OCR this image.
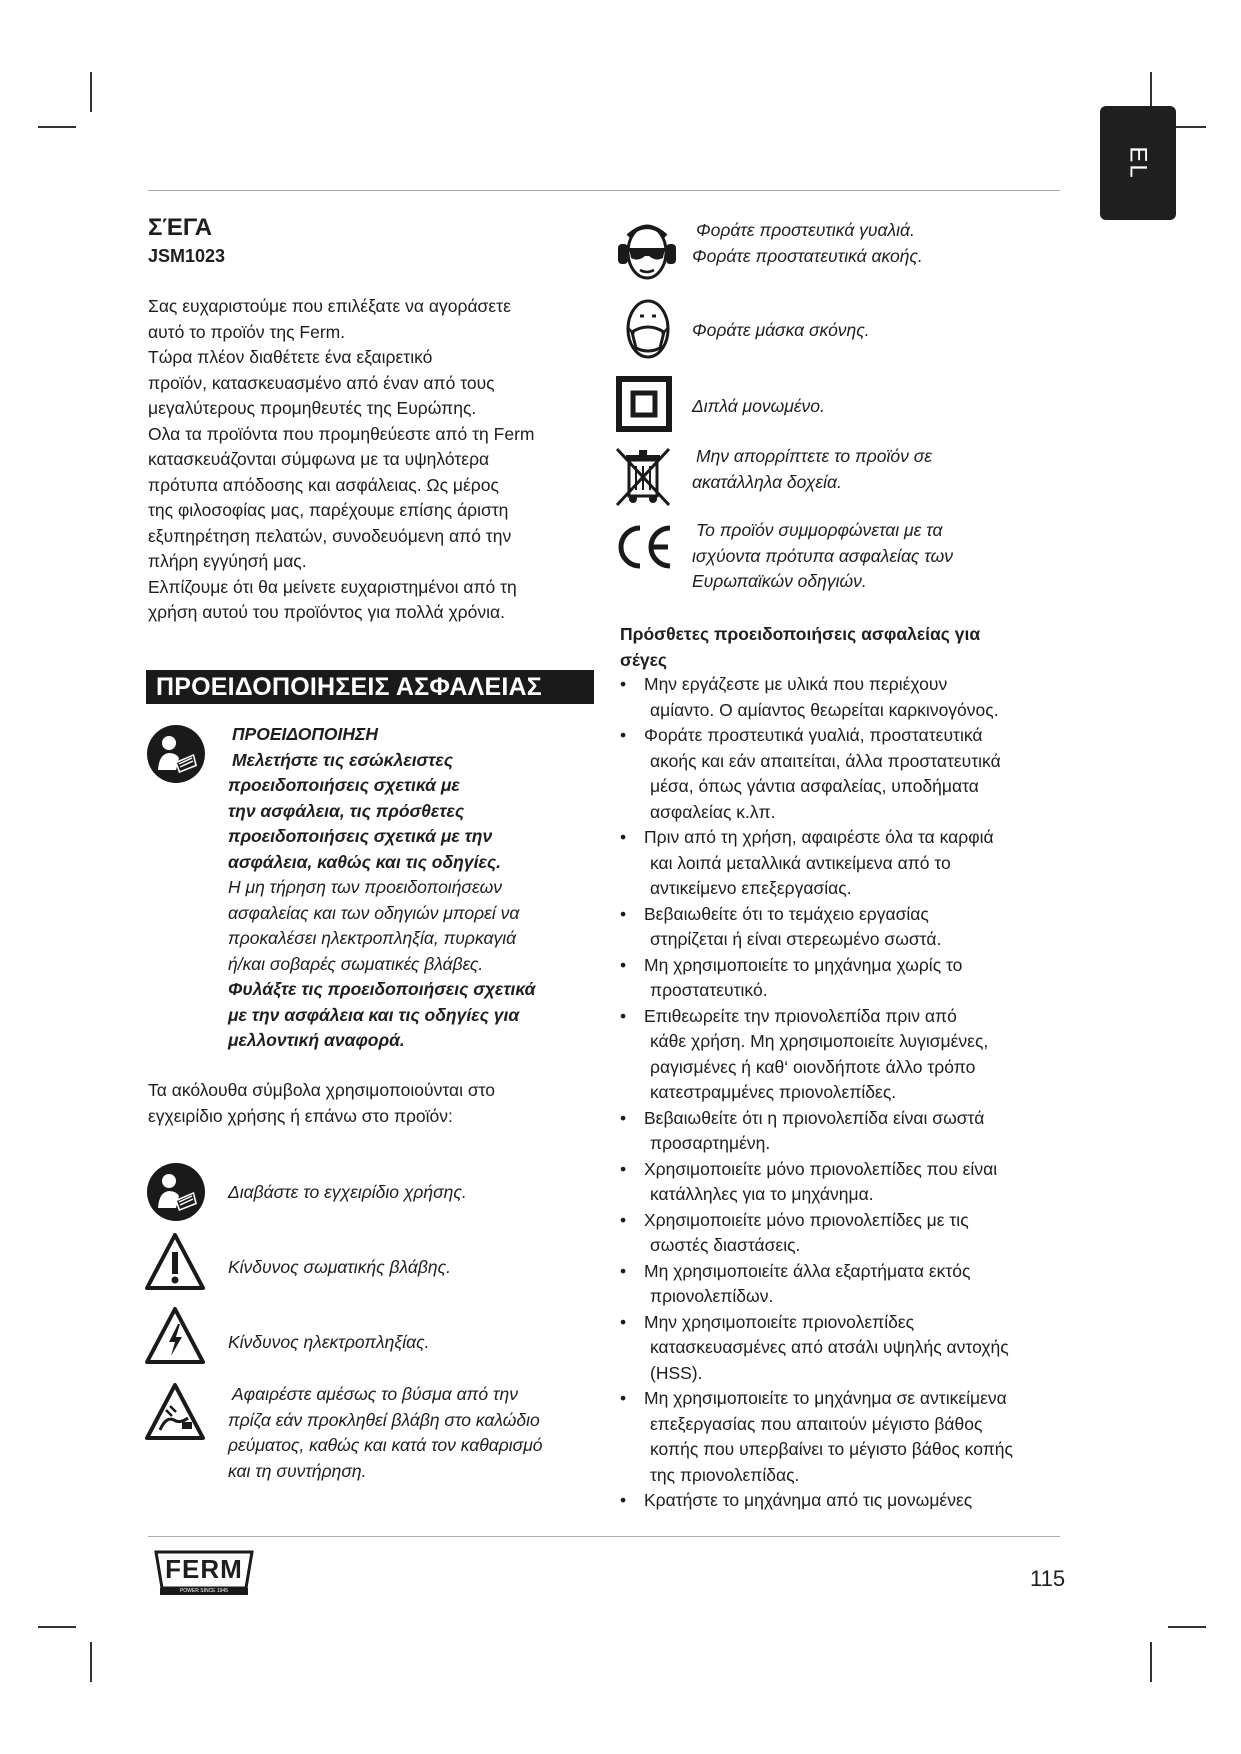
EL
ΣΈΓΑ
JSM1023
Σας ευχαριστούμε που επιλέξατε να αγοράσετε
αυτό το προϊόν της Ferm.
Τώρα πλέον διαθέτετε ένα εξαιρετικό
προϊόν, κατασκευασμένο από έναν από τους
μεγαλύτερους προμηθευτές της Ευρώπης.
Ολα τα προϊόντα που προμηθεύεστε από τη Ferm
κατασκευάζονται σύμφωνα με τα υψηλότερα
πρότυπα απόδοσης και ασφάλειας. Ως μέρος
της φιλοσοφίας μας, παρέχουμε επίσης άριστη
εξυπηρέτηση πελατών, συνοδευόμενη από την
πλήρη εγγύησή μας.
Ελπίζουμε ότι θα μείνετε ευχαριστημένοι από τη
χρήση αυτού του προϊόντος για πολλά χρόνια.
ΠΡΟΕΙΔΟΠΟΙΗΣΕΙΣ ΑΣΦΑΛΕΙΑΣ
ΠΡΟΕΙΔΟΠΟΙΗΣΗ
Μελετήστε τις εσώκλειστες
προειδοποιήσεις σχετικά με
την ασφάλεια, τις πρόσθετες
προειδοποιήσεις σχετικά με την
ασφάλεια, καθώς και τις οδηγίες.
Η μη τήρηση των προειδοποιήσεων
ασφαλείας και των οδηγιών μπορεί να
προκαλέσει ηλεκτροπληξία, πυρκαγιά
ή/και σοβαρές σωματικές βλάβες.
Φυλάξτε τις προειδοποιήσεις σχετικά
με την ασφάλεια και τις οδηγίες για
μελλοντική αναφορά.
Τα ακόλουθα σύμβολα χρησιμοποιούνται στο
εγχειρίδιο χρήσης ή επάνω στο προϊόν:
Διαβάστε το εγχειρίδιο χρήσης.
Κίνδυνος σωματικής βλάβης.
Κίνδυνος ηλεκτροπληξίας.
Αφαιρέστε αμέσως το βύσμα από την
πρίζα εάν προκληθεί βλάβη στο καλώδιο
ρεύματος, καθώς και κατά τον καθαρισμό
και τη συντήρηση.
Φοράτε προστευτικά γυαλιά.
Φοράτε προστατευτικά ακοής.
Φοράτε μάσκα σκόνης.
Διπλά μονωμένο.
Μην απορρίπτετε το προϊόν σε
ακατάλληλα δοχεία.
Το προϊόν συμμορφώνεται με τα
ισχύοντα πρότυπα ασφαλείας των
Ευρωπαϊκών οδηγιών.
Πρόσθετες προειδοποιήσεις ασφαλείας για
σέγες
• Μην εργάζεστε με υλικά που περιέχουν
αμίαντο. Ο αμίαντος θεωρείται καρκινογόνος.
• Φοράτε προστευτικά γυαλιά, προστατευτικά
ακοής και εάν απαιτείται, άλλα προστατευτικά
μέσα, όπως γάντια ασφαλείας, υποδήματα
ασφαλείας κ.λπ.
• Πριν από τη χρήση, αφαιρέστε όλα τα καρφιά
και λοιπά μεταλλικά αντικείμενα από το
αντικείμενο επεξεργασίας.
• Βεβαιωθείτε ότι το τεμάχειο εργασίας
στηρίζεται ή είναι στερεωμένο σωστά.
• Μη χρησιμοποιείτε το μηχάνημα χωρίς το
προστατευτικό.
• Επιθεωρείτε την πριονολεπίδα πριν από
κάθε χρήση. Μη χρησιμοποιείτε λυγισμένες,
ραγισμένες ή καθ‘ οιονδήποτε άλλο τρόπο
κατεστραμμένες πριονολεπίδες.
• Βεβαιωθείτε ότι η πριονολεπίδα είναι σωστά
προσαρτημένη.
• Χρησιμοποιείτε μόνο πριονολεπίδες που είναι
κατάλληλες για το μηχάνημα.
• Χρησιμοποιείτε μόνο πριονολεπίδες με τις
σωστές διαστάσεις.
• Μη χρησιμοποιείτε άλλα εξαρτήματα εκτός
πριονολεπίδων.
• Μην χρησιμοποιείτε πριονολεπίδες
κατασκευασμένες από ατσάλι υψηλής αντοχής
(HSS).
• Μη χρησιμοποιείτε το μηχάνημα σε αντικείμενα
επεξεργασίας που απαιτούν μέγιστο βάθος
κοπής που υπερβαίνει το μέγιστο βάθος κοπής
της πριονολεπίδας.
• Κρατήστε το μηχάνημα από τις μονωμένες
FERM
POWER SINCE 1945	115
